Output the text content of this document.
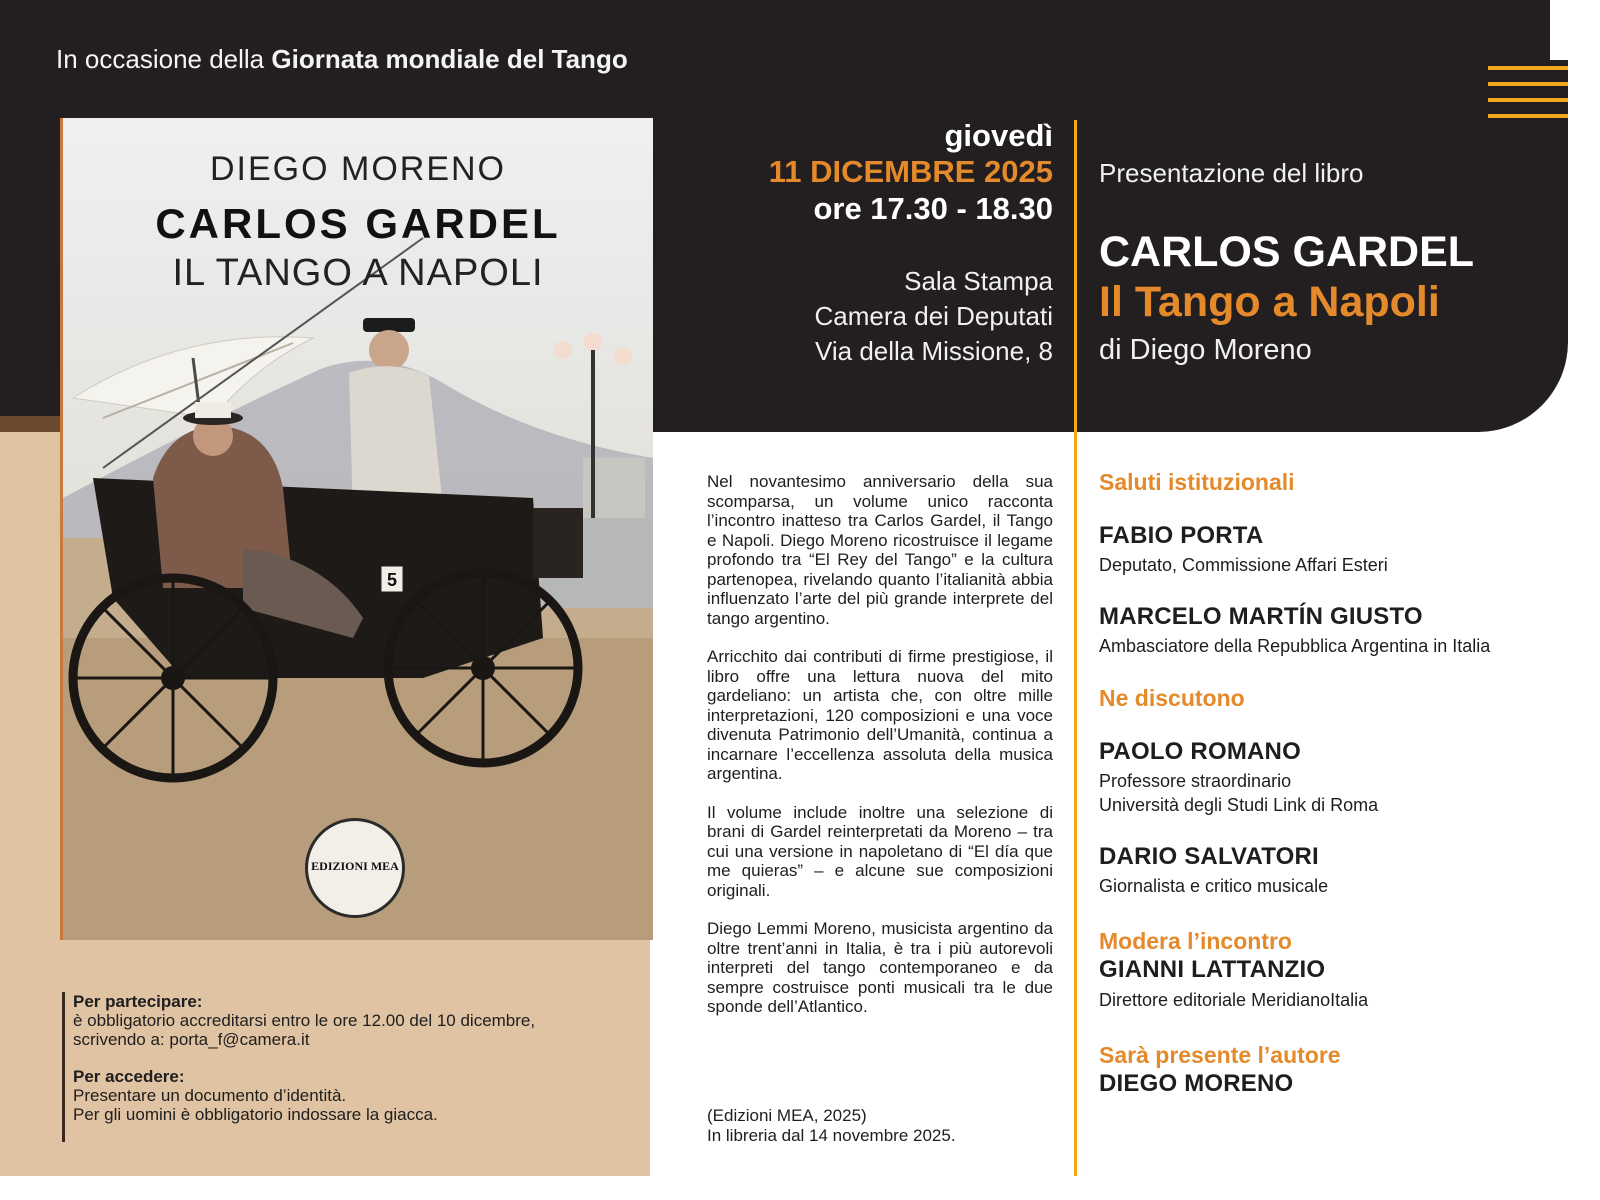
In occasione della Giornata mondiale del Tango
5
DIEGO MORENO
CARLOS GARDEL
IL TANGO A NAPOLI
EDIZIONI MEA
giovedì
11 DICEMBRE 2025
ore 17.30 - 18.30
Sala Stampa
Camera dei Deputati
Via della Missione, 8
Presentazione del libro
CARLOS GARDEL
Il Tango a Napoli
di Diego Moreno

Nel novantesimo anniversario della sua scomparsa, un volume unico racconta l’incontro inatteso tra Carlos Gardel, il Tango e Napoli. Diego Moreno ricostruisce il legame profondo tra “El Rey del Tango” e la cultura partenopea, rivelando quanto l’italianità abbia influenzato l’arte del più grande interprete del tango argentino.

Arricchito dai contributi di firme prestigiose, il libro offre una lettura nuova del mito gardeliano: un artista che, con oltre mille interpretazioni, 120 composizioni e una voce divenuta Patrimonio dell’Umanità, continua a incarnare l’eccellenza assoluta della musica argentina.

Il volume include inoltre una selezione di brani di Gardel reinterpretati da Moreno – tra cui una versione in napoletano di “El día que me quieras” – e alcune sue composizioni originali.

Diego Lemmi Moreno, musicista argentino da oltre trent’anni in Italia, è tra i più autorevoli interpreti del tango contemporaneo e da sempre costruisce ponti musicali tra le due sponde dell’Atlantico.

(Edizioni MEA, 2025)
In libreria dal 14 novembre 2025.
Saluti istituzionali
FABIO PORTA
Deputato, Commissione Affari Esteri
MARCELO MARTÍN GIUSTO
Ambasciatore della Repubblica Argentina in Italia
Ne discutono
PAOLO ROMANO
Professore straordinario
Università degli Studi Link di Roma
DARIO SALVATORI
Giornalista e critico musicale
Modera l’incontro
GIANNI LATTANZIO
Direttore editoriale MeridianoItalia
Sarà presente l’autore
DIEGO MORENO

Per partecipare:
è obbligatorio accreditarsi entro le ore 12.00 del 10 dicembre,
scrivendo a: porta_f@camera.it

Per accedere:
Presentare un documento d’identità.
Per gli uomini è obbligatorio indossare la giacca.
